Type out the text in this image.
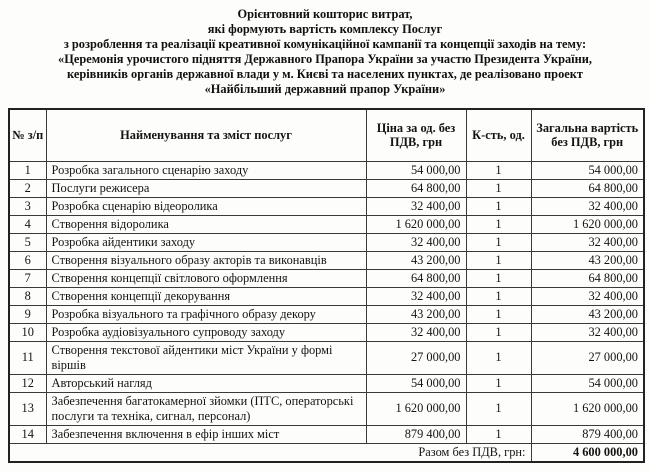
Орієнтовний кошторис витрат,
які формують вартість комплексу Послуг
з розроблення та реалізації креативної комунікаційної кампанії та концепції заходів на тему:
«Церемонія урочистого підняття Державного Прапора України за участю Президента України,
керівників органів державної влади у м. Києві та населених пунктах, де реалізовано проект
«Найбільший державний прапор України»
№ з/п	Найменування та зміст послуг	Ціна за од. без ПДВ, грн	К-сть, од.	Загальна вартість без ПДВ, грн
1	Розробка загального сценарію заходу	54 000,00	1	54 000,00
2	Послуги режисера	64 800,00	1	64 800,00
3	Розробка сценарію відеоролика	32 400,00	1	32 400,00
4	Створення відоролика	1 620 000,00	1	1 620 000,00
5	Розробка айдентики заходу	32 400,00	1	32 400,00
6	Створення візуального образу акторів та виконавців	43 200,00	1	43 200,00
7	Створення концепції світлового оформлення	64 800,00	1	64 800,00
8	Створення концепції декорування	32 400,00	1	32 400,00
9	Розробка візуального та графічного образу декору	43 200,00	1	43 200,00
10	Розробка аудіовізуального супроводу заходу	32 400,00	1	32 400,00
11	Створення текстової айдентики міст України у формі віршів	27 000,00	1	27 000,00
12	Авторський нагляд	54 000,00	1	54 000,00
13	Забезпечення багатокамерної зйомки (ПТС, операторські послуги та техніка, сигнал, персонал)	1 620 000,00	1	1 620 000,00
14	Забезпечення включення в ефір інших міст	879 400,00	1	879 400,00
Разом без ПДВ, грн:				4 600 000,00
